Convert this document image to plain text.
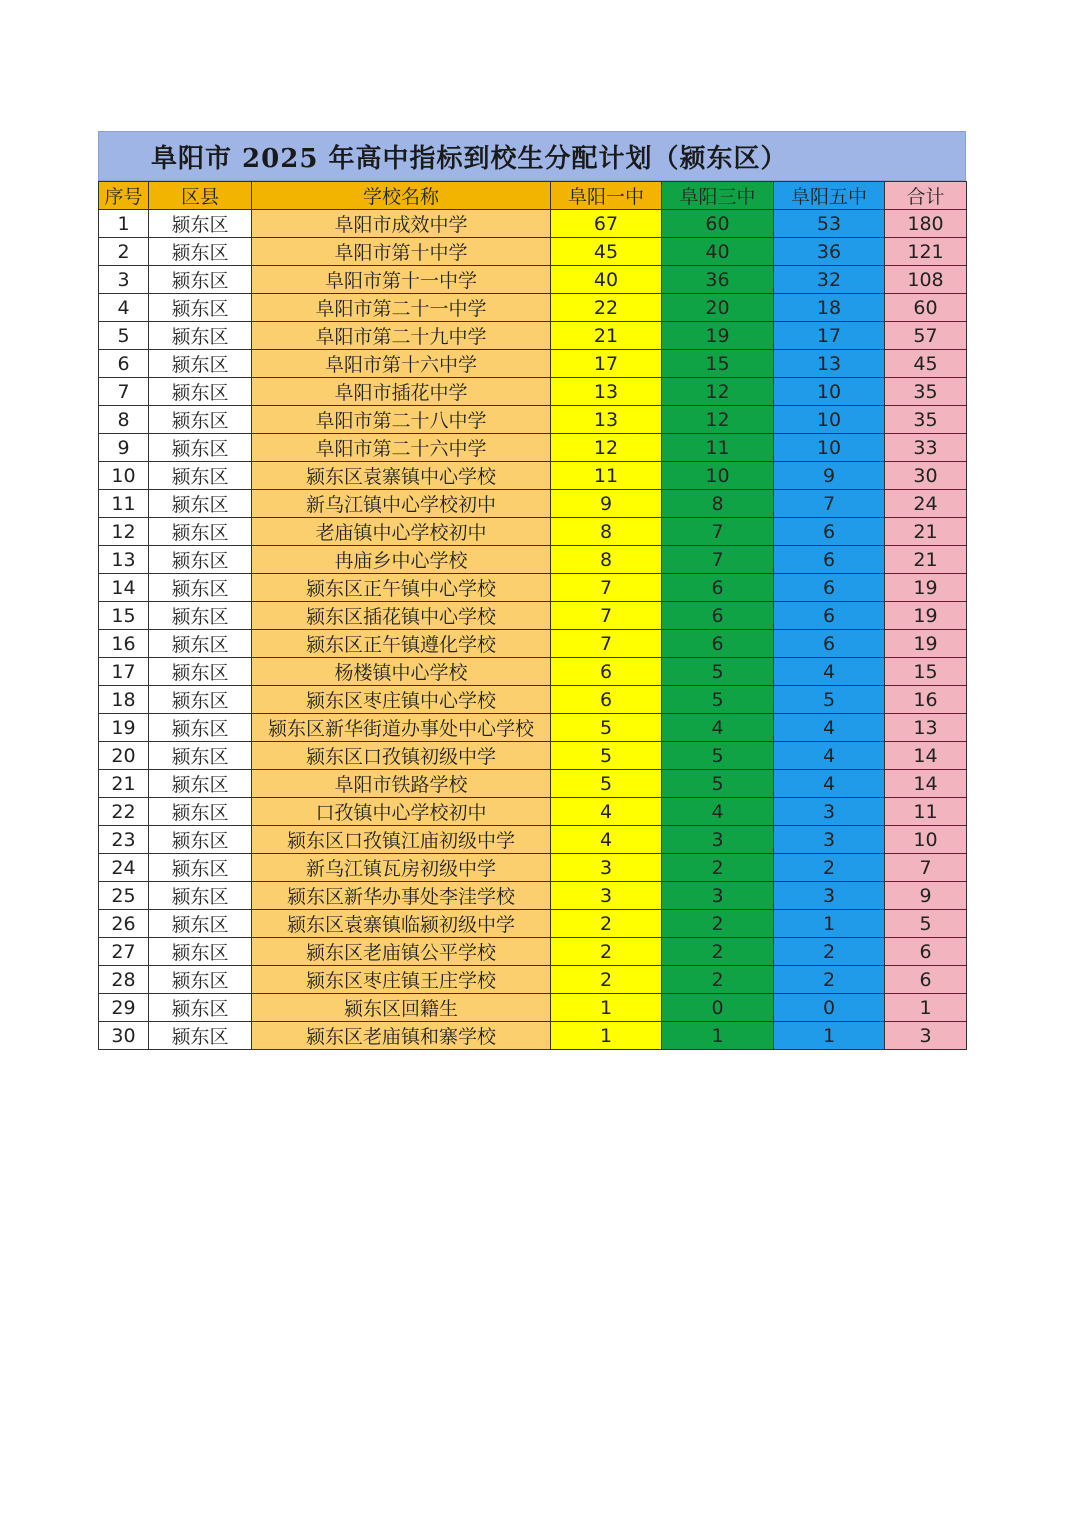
阜阳市 2025 年高中指标到校生分配计划（颍东区）
序号	区县	学校名称	阜阳一中	阜阳三中	阜阳五中	合计
1	颍东区	阜阳市成效中学	67	60	53	180
2	颍东区	阜阳市第十中学	45	40	36	121
3	颍东区	阜阳市第十一中学	40	36	32	108
4	颍东区	阜阳市第二十一中学	22	20	18	60
5	颍东区	阜阳市第二十九中学	21	19	17	57
6	颍东区	阜阳市第十六中学	17	15	13	45
7	颍东区	阜阳市插花中学	13	12	10	35
8	颍东区	阜阳市第二十八中学	13	12	10	35
9	颍东区	阜阳市第二十六中学	12	11	10	33
10	颍东区	颍东区袁寨镇中心学校	11	10	9	30
11	颍东区	新乌江镇中心学校初中	9	8	7	24
12	颍东区	老庙镇中心学校初中	8	7	6	21
13	颍东区	冉庙乡中心学校	8	7	6	21
14	颍东区	颍东区正午镇中心学校	7	6	6	19
15	颍东区	颍东区插花镇中心学校	7	6	6	19
16	颍东区	颍东区正午镇遵化学校	7	6	6	19
17	颍东区	杨楼镇中心学校	6	5	4	15
18	颍东区	颍东区枣庄镇中心学校	6	5	5	16
19	颍东区	颍东区新华街道办事处中心学校	5	4	4	13
20	颍东区	颍东区口孜镇初级中学	5	5	4	14
21	颍东区	阜阳市铁路学校	5	5	4	14
22	颍东区	口孜镇中心学校初中	4	4	3	11
23	颍东区	颍东区口孜镇江庙初级中学	4	3	3	10
24	颍东区	新乌江镇瓦房初级中学	3	2	2	7
25	颍东区	颍东区新华办事处李洼学校	3	3	3	9
26	颍东区	颍东区袁寨镇临颍初级中学	2	2	1	5
27	颍东区	颍东区老庙镇公平学校	2	2	2	6
28	颍东区	颍东区枣庄镇王庄学校	2	2	2	6
29	颍东区	颍东区回籍生	1	0	0	1
30	颍东区	颍东区老庙镇和寨学校	1	1	1	3
